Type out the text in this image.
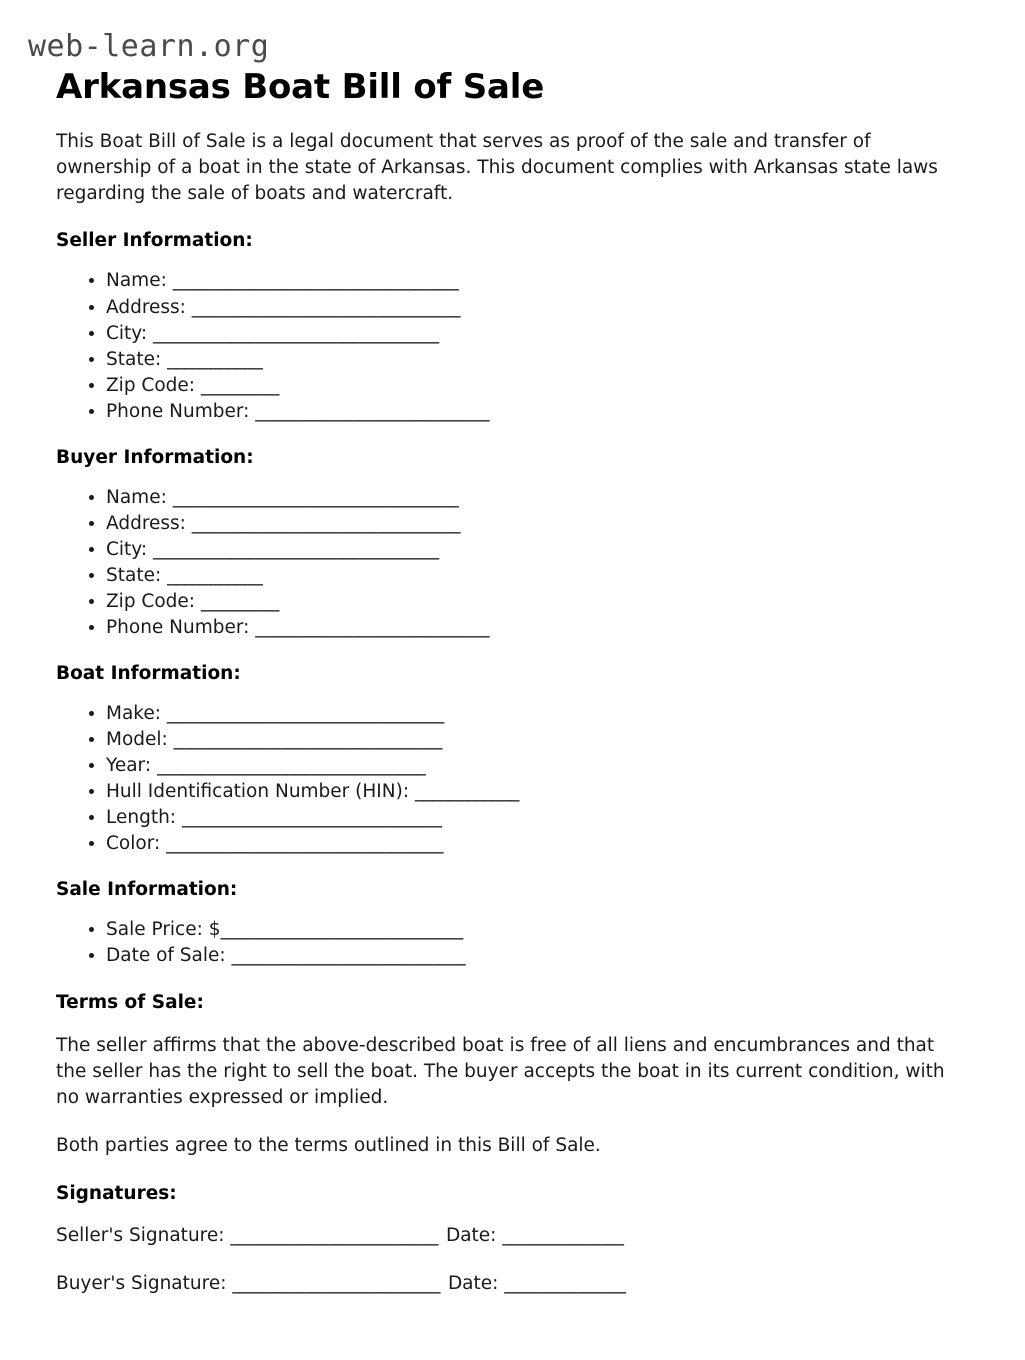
web-learn.org
Arkansas Boat Bill of Sale

This Boat Bill of Sale is a legal document that serves as proof of the sale and transfer of ownership of a boat in the state of Arkansas. This document complies with Arkansas state laws regarding the sale of boats and watercraft.

Seller Information:
• Name: _________________________________
• Address: _______________________________
• City: _________________________________
• State: ___________
• Zip Code: _________
• Phone Number: ___________________________
Buyer Information:
• Name: _________________________________
• Address: _______________________________
• City: _________________________________
• State: ___________
• Zip Code: _________
• Phone Number: ___________________________
Boat Information:
• Make: ________________________________
• Model: _______________________________
• Year: _______________________________
• Hull Identification Number (HIN): ____________
• Length: ______________________________
• Color: ________________________________
Sale Information:
• Sale Price: $____________________________
• Date of Sale: ___________________________
Terms of Sale:

The seller affirms that the above-described boat is free of all liens and encumbrances and that the seller has the right to sell the boat. The buyer accepts the boat in its current condition, with no warranties expressed or implied.

Both parties agree to the terms outlined in this Bill of Sale.

Signatures:
Seller's Signature: ________________________ Date: ______________
Buyer's Signature: ________________________ Date: ______________
